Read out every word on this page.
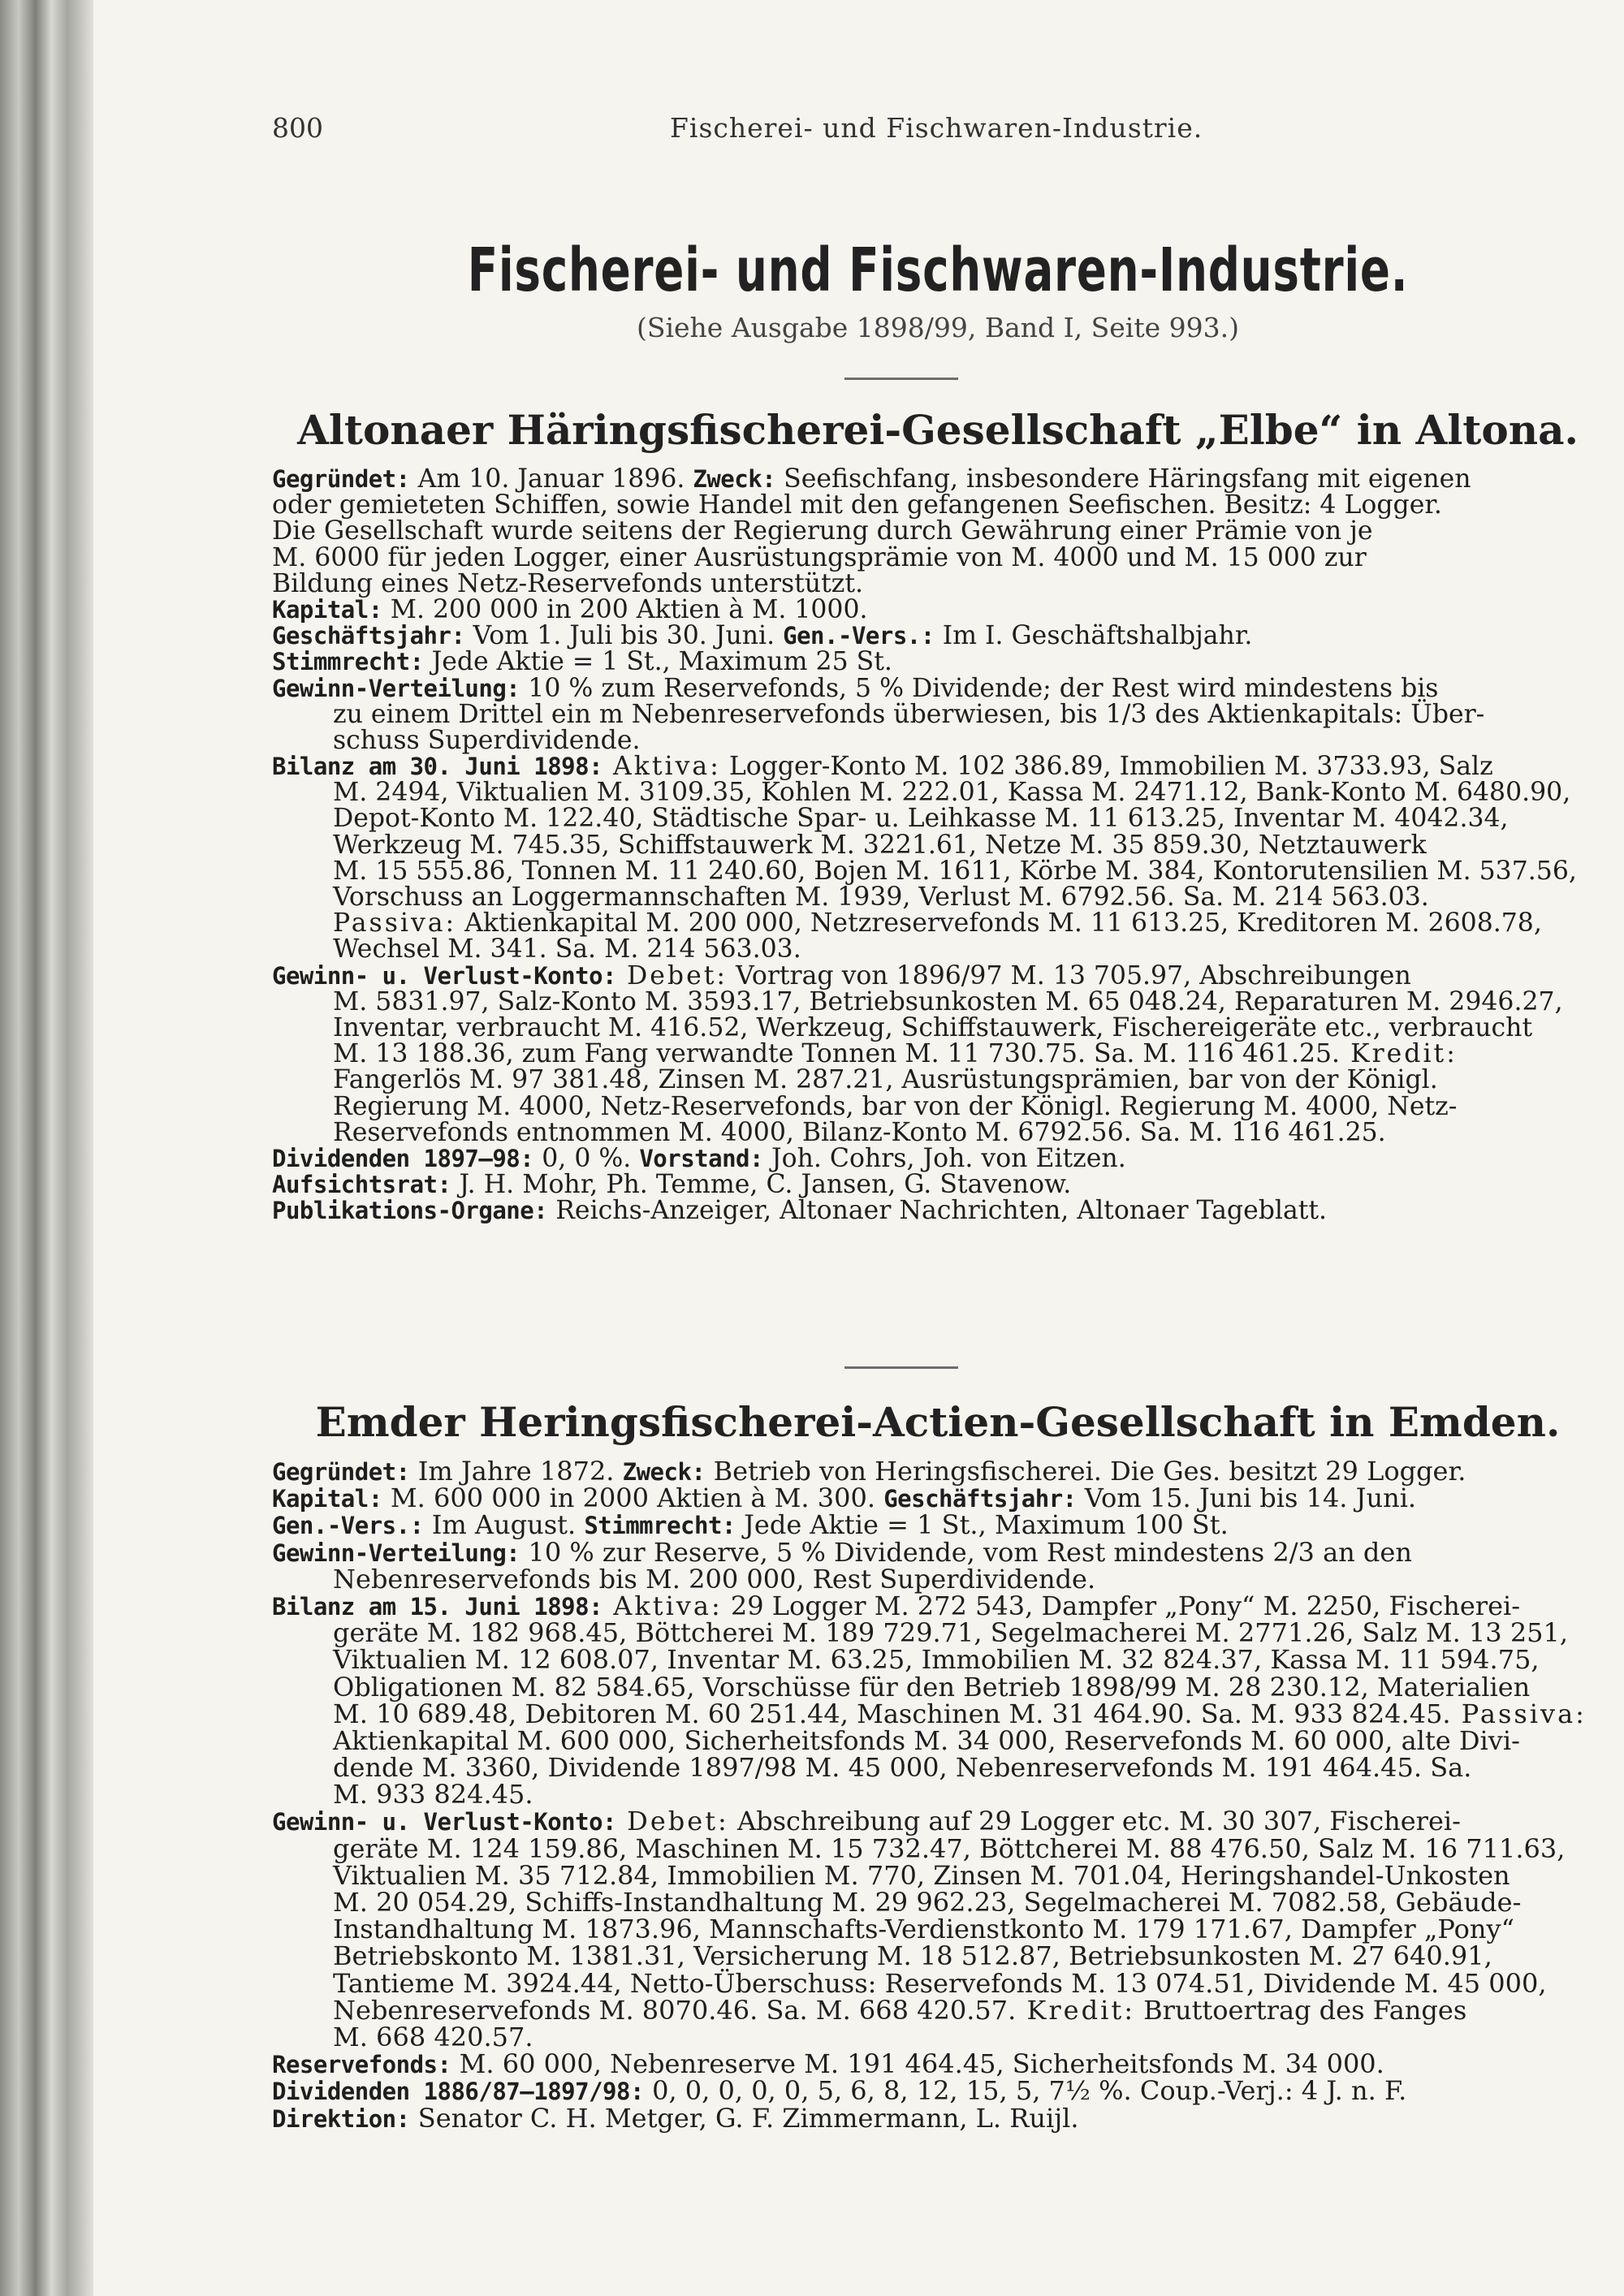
800	Fischerei- und Fischwaren-Industrie.
Fischerei- und Fischwaren-Industrie.
(Siehe Ausgabe 1898/99, Band I, Seite 993.)
Altonaer Häringsfischerei-Gesellschaft „Elbe“ in Altona.
Gegründet: Am 10. Januar 1896. Zweck: Seefischfang, insbesondere Häringsfang mit eigenen
oder gemieteten Schiffen, sowie Handel mit den gefangenen Seefischen. Besitz: 4 Logger.
Die Gesellschaft wurde seitens der Regierung durch Gewährung einer Prämie von je
M. 6000 für jeden Logger, einer Ausrüstungsprämie von M. 4000 und M. 15 000 zur
Bildung eines Netz-Reservefonds unterstützt.
Kapital: M. 200 000 in 200 Aktien à M. 1000.
Geschäftsjahr: Vom 1. Juli bis 30. Juni. Gen.-Vers.: Im I. Geschäftshalbjahr.
Stimmrecht: Jede Aktie = 1 St., Maximum 25 St.
Gewinn-Verteilung: 10 % zum Reservefonds, 5 % Dividende; der Rest wird mindestens bis
zu einem Drittel ein m Nebenreservefonds überwiesen, bis 1/3 des Aktienkapitals: Über-
schuss Superdividende.
Bilanz am 30. Juni 1898: Aktiva: Logger-Konto M. 102 386.89, Immobilien M. 3733.93, Salz
M. 2494, Viktualien M. 3109.35, Kohlen M. 222.01, Kassa M. 2471.12, Bank-Konto M. 6480.90,
Depot-Konto M. 122.40, Städtische Spar- u. Leihkasse M. 11 613.25, Inventar M. 4042.34,
Werkzeug M. 745.35, Schiffstauwerk M. 3221.61, Netze M. 35 859.30, Netztauwerk
M. 15 555.86, Tonnen M. 11 240.60, Bojen M. 1611, Körbe M. 384, Kontorutensilien M. 537.56,
Vorschuss an Loggermannschaften M. 1939, Verlust M. 6792.56. Sa. M. 214 563.03.
Passiva: Aktienkapital M. 200 000, Netzreservefonds M. 11 613.25, Kreditoren M. 2608.78,
Wechsel M. 341. Sa. M. 214 563.03.
Gewinn- u. Verlust-Konto: Debet: Vortrag von 1896/97 M. 13 705.97, Abschreibungen
M. 5831.97, Salz-Konto M. 3593.17, Betriebsunkosten M. 65 048.24, Reparaturen M. 2946.27,
Inventar, verbraucht M. 416.52, Werkzeug, Schiffstauwerk, Fischereigeräte etc., verbraucht
M. 13 188.36, zum Fang verwandte Tonnen M. 11 730.75. Sa. M. 116 461.25. Kredit:
Fangerlös M. 97 381.48, Zinsen M. 287.21, Ausrüstungsprämien, bar von der Königl.
Regierung M. 4000, Netz-Reservefonds, bar von der Königl. Regierung M. 4000, Netz-
Reservefonds entnommen M. 4000, Bilanz-Konto M. 6792.56. Sa. M. 116 461.25.
Dividenden 1897—98: 0, 0 %. Vorstand: Joh. Cohrs, Joh. von Eitzen.
Aufsichtsrat: J. H. Mohr, Ph. Temme, C. Jansen, G. Stavenow.
Publikations-Organe: Reichs-Anzeiger, Altonaer Nachrichten, Altonaer Tageblatt.
Emder Heringsfischerei-Actien-Gesellschaft in Emden.
Gegründet: Im Jahre 1872. Zweck: Betrieb von Heringsfischerei. Die Ges. besitzt 29 Logger.
Kapital: M. 600 000 in 2000 Aktien à M. 300. Geschäftsjahr: Vom 15. Juni bis 14. Juni.
Gen.-Vers.: Im August. Stimmrecht: Jede Aktie = 1 St., Maximum 100 St.
Gewinn-Verteilung: 10 % zur Reserve, 5 % Dividende, vom Rest mindestens 2/3 an den
Nebenreservefonds bis M. 200 000, Rest Superdividende.
Bilanz am 15. Juni 1898: Aktiva: 29 Logger M. 272 543, Dampfer „Pony“ M. 2250, Fischerei-
geräte M. 182 968.45, Böttcherei M. 189 729.71, Segelmacherei M. 2771.26, Salz M. 13 251,
Viktualien M. 12 608.07, Inventar M. 63.25, Immobilien M. 32 824.37, Kassa M. 11 594.75,
Obligationen M. 82 584.65, Vorschüsse für den Betrieb 1898/99 M. 28 230.12, Materialien
M. 10 689.48, Debitoren M. 60 251.44, Maschinen M. 31 464.90. Sa. M. 933 824.45. Passiva:
Aktienkapital M. 600 000, Sicherheitsfonds M. 34 000, Reservefonds M. 60 000, alte Divi-
dende M. 3360, Dividende 1897/98 M. 45 000, Nebenreservefonds M. 191 464.45. Sa.
M. 933 824.45.
Gewinn- u. Verlust-Konto: Debet: Abschreibung auf 29 Logger etc. M. 30 307, Fischerei-
geräte M. 124 159.86, Maschinen M. 15 732.47, Böttcherei M. 88 476.50, Salz M. 16 711.63,
Viktualien M. 35 712.84, Immobilien M. 770, Zinsen M. 701.04, Heringshandel-Unkosten
M. 20 054.29, Schiffs-Instandhaltung M. 29 962.23, Segelmacherei M. 7082.58, Gebäude-
Instandhaltung M. 1873.96, Mannschafts-Verdienstkonto M. 179 171.67, Dampfer „Pony“
Betriebskonto M. 1381.31, Versicherung M. 18 512.87, Betriebsunkosten M. 27 640.91,
Tantieme M. 3924.44, Netto-Überschuss: Reservefonds M. 13 074.51, Dividende M. 45 000,
Nebenreservefonds M. 8070.46. Sa. M. 668 420.57. Kredit: Bruttoertrag des Fanges
M. 668 420.57.
Reservefonds: M. 60 000, Nebenreserve M. 191 464.45, Sicherheitsfonds M. 34 000.
Dividenden 1886/87—1897/98: 0, 0, 0, 0, 0, 5, 6, 8, 12, 15, 5, 7½ %. Coup.-Verj.: 4 J. n. F.
Direktion: Senator C. H. Metger, G. F. Zimmermann, L. Ruijl.
